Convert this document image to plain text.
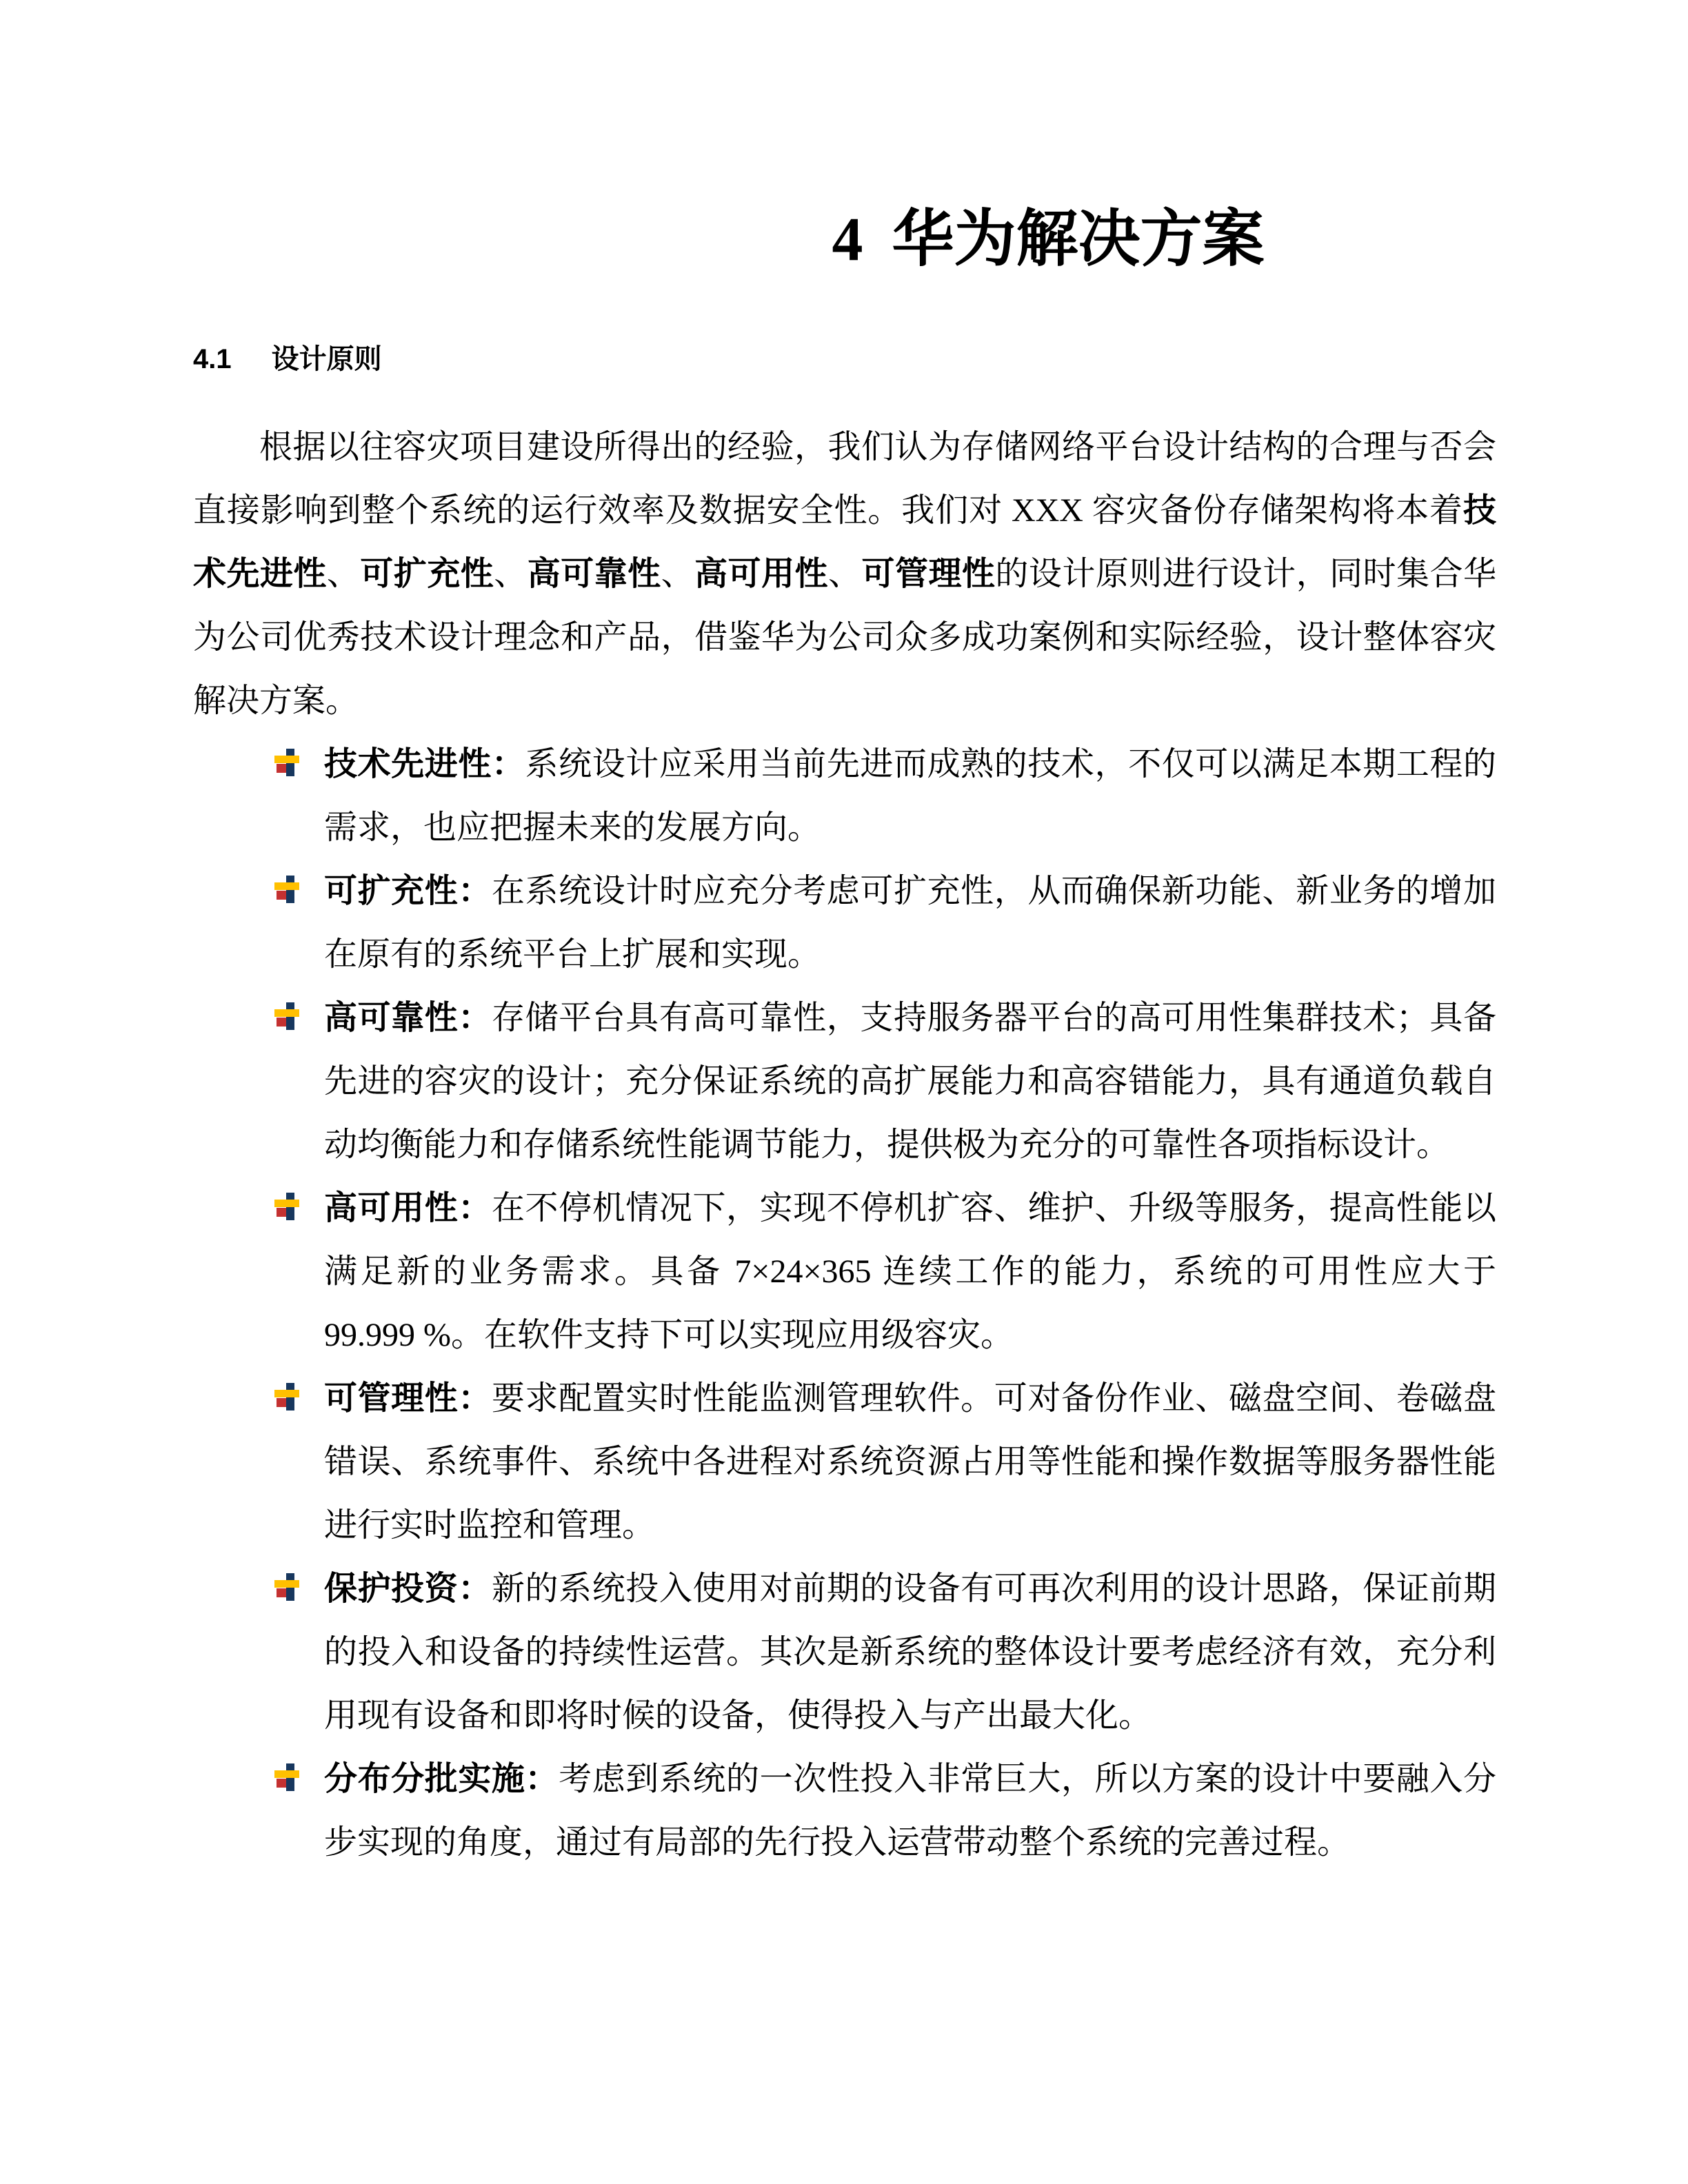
4 华为解决方案
4.1 设计原则

根据以往容灾项目建设所得出的经验，我们认为存储网络平台设计结构的合理与否会直接影响到整个系统的运行效率及数据安全性。我们对 XXX 容灾备份存储架构将本着技术先进性、可扩充性、高可靠性、高可用性、可管理性的设计原则进行设计，同时集合华为公司优秀技术设计理念和产品，借鉴华为公司众多成功案例和实际经验，设计整体容灾解决方案。

技术先进性：系统设计应采用当前先进而成熟的技术，不仅可以满足本期工程的需求，也应把握未来的发展方向。
可扩充性：在系统设计时应充分考虑可扩充性，从而确保新功能、新业务的增加在原有的系统平台上扩展和实现。
高可靠性：存储平台具有高可靠性，支持服务器平台的高可用性集群技术；具备先进的容灾的设计；充分保证系统的高扩展能力和高容错能力，具有通道负载自动均衡能力和存储系统性能调节能力，提供极为充分的可靠性各项指标设计。
高可用性：在不停机情况下，实现不停机扩容、维护、升级等服务，提高性能以满足新的业务需求。具备 7×24×365 连续工作的能力，系统的可用性应大于 99.999 %。在软件支持下可以实现应用级容灾。
可管理性：要求配置实时性能监测管理软件。可对备份作业、磁盘空间、卷磁盘错误、系统事件、系统中各进程对系统资源占用等性能和操作数据等服务器性能进行实时监控和管理。
保护投资：新的系统投入使用对前期的设备有可再次利用的设计思路，保证前期的投入和设备的持续性运营。其次是新系统的整体设计要考虑经济有效，充分利用现有设备和即将时候的设备，使得投入与产出最大化。
分布分批实施：考虑到系统的一次性投入非常巨大，所以方案的设计中要融入分步实现的角度，通过有局部的先行投入运营带动整个系统的完善过程。
